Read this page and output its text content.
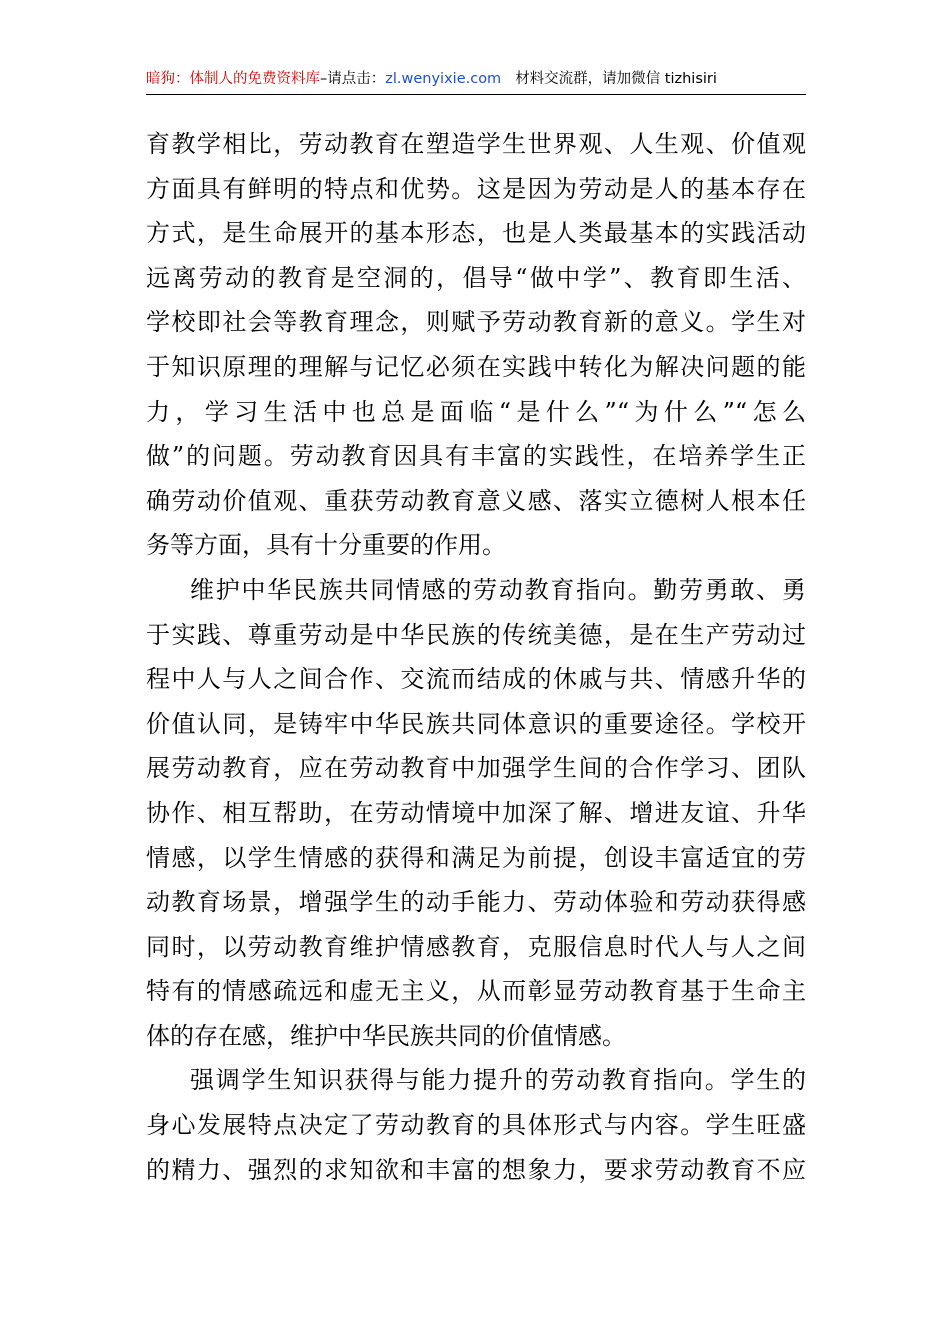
暗狗：体制人的免费资料库–请点击：zl.wenyixie.com 材料交流群，请加微信 tizhisiri
育教学相比，劳动教育在塑造学生世界观、人生观、价值观
方面具有鲜明的特点和优势。这是因为劳动是人的基本存在
方式，是生命展开的基本形态，也是人类最基本的实践活动
远离劳动的教育是空洞的，倡导“做中学”、教育即生活、
学校即社会等教育理念，则赋予劳动教育新的意义。学生对
于知识原理的理解与记忆必须在实践中转化为解决问题的能
力，学习生活中也总是面临“是什么”“为什么”“怎么
做”的问题。劳动教育因具有丰富的实践性，在培养学生正
确劳动价值观、重获劳动教育意义感、落实立德树人根本任
务等方面，具有十分重要的作用。
维护中华民族共同情感的劳动教育指向。勤劳勇敢、勇
于实践、尊重劳动是中华民族的传统美德，是在生产劳动过
程中人与人之间合作、交流而结成的休戚与共、情感升华的
价值认同，是铸牢中华民族共同体意识的重要途径。学校开
展劳动教育，应在劳动教育中加强学生间的合作学习、团队
协作、相互帮助，在劳动情境中加深了解、增进友谊、升华
情感，以学生情感的获得和满足为前提，创设丰富适宜的劳
动教育场景，增强学生的动手能力、劳动体验和劳动获得感
同时，以劳动教育维护情感教育，克服信息时代人与人之间
特有的情感疏远和虚无主义，从而彰显劳动教育基于生命主
体的存在感，维护中华民族共同的价值情感。
强调学生知识获得与能力提升的劳动教育指向。学生的
身心发展特点决定了劳动教育的具体形式与内容。学生旺盛
的精力、强烈的求知欲和丰富的想象力，要求劳动教育不应
